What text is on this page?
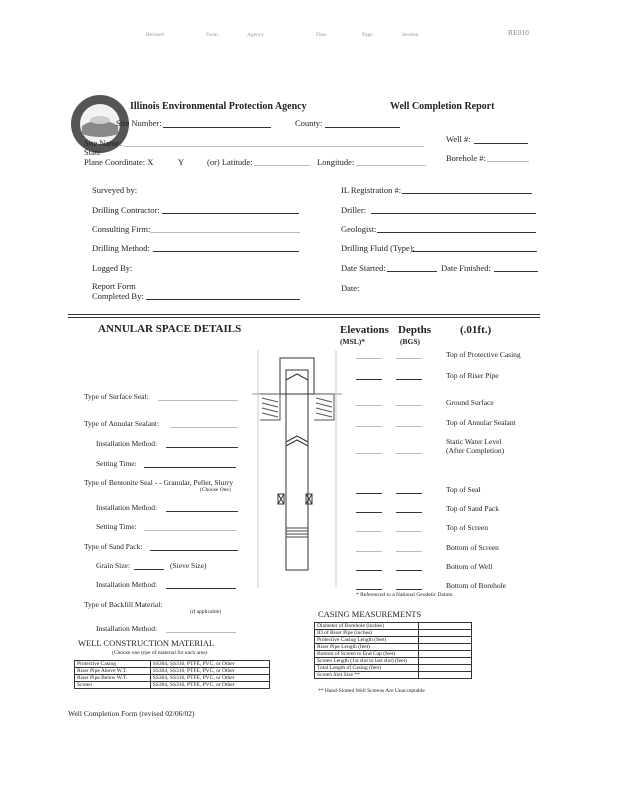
Revised	Form	Agency	Date	Page	Section	RE010
Illinois Environmental Protection Agency	Well Completion Report
Site Number:	County:
Well #:
Site Name:
State
Plane Coordinate: X	Y	(or) Latitude:	Longitude:	Borehole #:
Surveyed by:
Drilling Contractor:
Consulting Firm:
Drilling Method:
Logged By:
Report Form Completed By:
IL Registration #:
Driller:
Geologist:
Drilling Fluid (Type):
Date Started:	Date Finished:
Date:
ANNULAR SPACE DETAILS	Elevations
(MSL)*
Depths
(BGS)
(.01ft.)
Top of Protective Casing
Top of Riser Pipe
Ground Surface
Top of Annular Sealant
Static Water Level
(After Completion)
Top of Seal
Top of Sand Pack
Top of Screen
Bottom of Screen
Bottom of Well
Bottom of Borehole
* Referenced to a National Geodetic Datum
Type of Surface Seal:
Type of Annular Sealant:
Installation Method:
Setting Time:
Type of Bentonite Seal - - Granular, Pellet, Slurry
(Choose One)
Installation Method:
Setting Time:
Type of Sand Pack:
Grain Size:	(Sieve Size)
Installation Method:
Type of Backfill Material:
(if applicable)
Installation Method:
WELL CONSTRUCTION MATERIAL
(Choose one type of material for each area)
Protective Casing	SS304, SS316, PTFE, PVC, or Other
Riser Pipe Above W.T.	SS304, SS316, PTFE, PVC, or Other
Riser Pipe Below W.T.	SS304, SS316, PTFE, PVC, or Other
Screen	SS304, SS316, PTFE, PVC, or Other
CASING MEASUREMENTS
Diameter of Borehole (inches)	
ID of Riser Pipe (inches)	
Protective Casing Length (feet)	
Riser Pipe Length (feet)	
Bottom of Screen to End Cap (feet)	
Screen Length (1st slot to last slot) (feet)	
Total Length of Casing (feet)	
Screen Slot Size **	
** Hand-Slotted Well Screens Are Unacceptable
Well Completion Form (revised 02/06/02)
